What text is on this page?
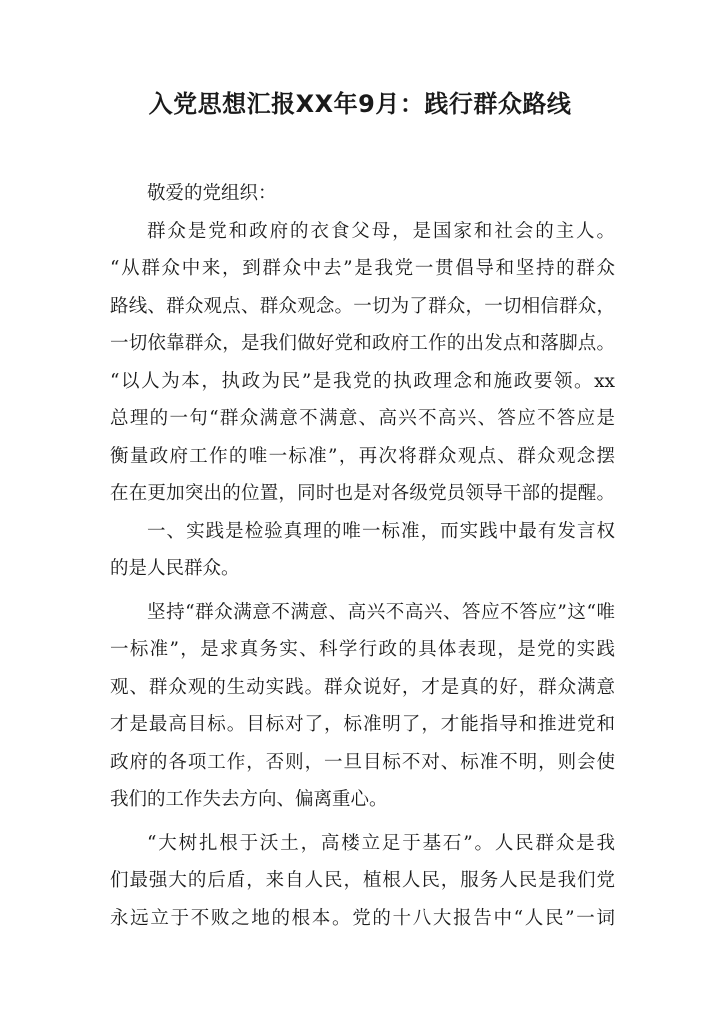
入党思想汇报XX年9月：践行群众路线
敬爱的党组织：
群众是党和政府的衣食父母，是国家和社会的主人。
“从群众中来，到群众中去”是我党一贯倡导和坚持的群众
路线、群众观点、群众观念。一切为了群众，一切相信群众，
一切依靠群众，是我们做好党和政府工作的出发点和落脚点。
“以人为本，执政为民”是我党的执政理念和施政要领。xx
总理的一句“群众满意不满意、高兴不高兴、答应不答应是
衡量政府工作的唯一标准”，再次将群众观点、群众观念摆
在在更加突出的位置，同时也是对各级党员领导干部的提醒。
一、实践是检验真理的唯一标准，而实践中最有发言权
的是人民群众。
坚持“群众满意不满意、高兴不高兴、答应不答应”这“唯
一标准”，是求真务实、科学行政的具体表现，是党的实践
观、群众观的生动实践。群众说好，才是真的好，群众满意
才是最高目标。目标对了，标准明了，才能指导和推进党和
政府的各项工作，否则，一旦目标不对、标准不明，则会使
我们的工作失去方向、偏离重心。
“大树扎根于沃土，高楼立足于基石”。人民群众是我
们最强大的后盾，来自人民，植根人民，服务人民是我们党
永远立于不败之地的根本。党的十八大报告中“人民”一词
